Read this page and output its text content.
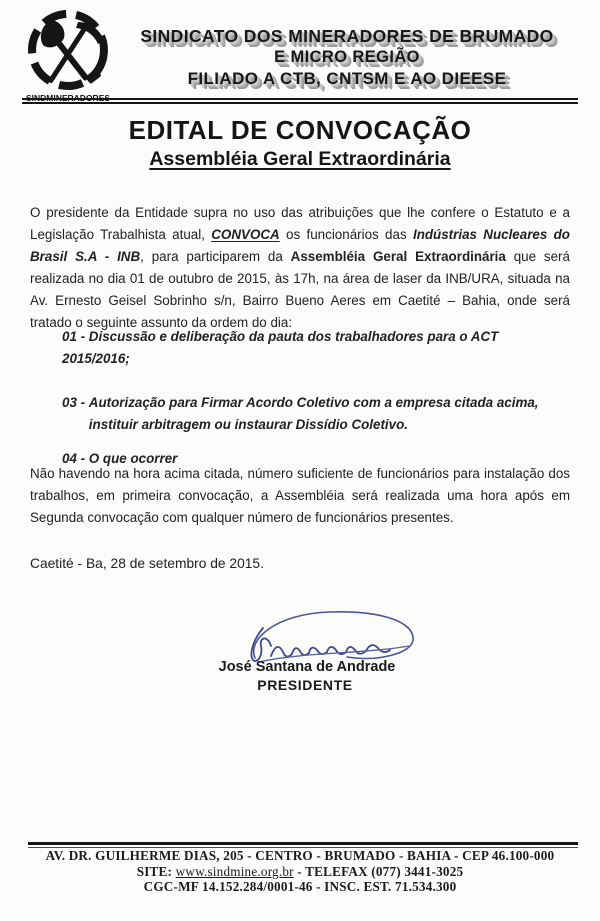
SINDMINERADORES
SINDICATO DOS MINERADORES DE BRUMADO
E MICRO REGIÃO
FILIADO A CTB, CNTSM E AO DIEESE
EDITAL DE CONVOCAÇÃO
Assembléia Geral Extraordinária
O presidente da Entidade supra no uso das atribuições que lhe confere o Estatuto e a Legislação Trabalhista atual, CONVOCA os funcionários das Indústrias Nucleares do Brasil S.A - INB, para participarem da Assembléia Geral Extraordinária que será realizada no dia 01 de outubro de 2015, às 17h, na área de laser da INB/URA, situada na Av. Ernesto Geisel Sobrinho s/n, Bairro Bueno Aeres em Caetité – Bahia, onde será tratado o seguinte assunto da ordem do dia:
01 - Discussão e deliberação da pauta dos trabalhadores para o ACT 2015/2016;
03 - Autorização para Firmar Acordo Coletivo com a empresa citada acima, instituir arbitragem ou instaurar Dissídio Coletivo.
04 - O que ocorrer
Não havendo na hora acima citada, número suficiente de funcionários para instalação dos trabalhos, em primeira convocação, a Assembléia será realizada uma hora após em Segunda convocação com qualquer número de funcionários presentes.
Caetité - Ba, 28 de setembro de 2015.
José Santana de Andrade
PRESIDENTE
AV. DR. GUILHERME DIAS, 205 - CENTRO - BRUMADO - BAHIA - CEP 46.100-000
SITE: www.sindmine.org.br - TELEFAX (077) 3441-3025
CGC-MF 14.152.284/0001-46 - INSC. EST. 71.534.300
